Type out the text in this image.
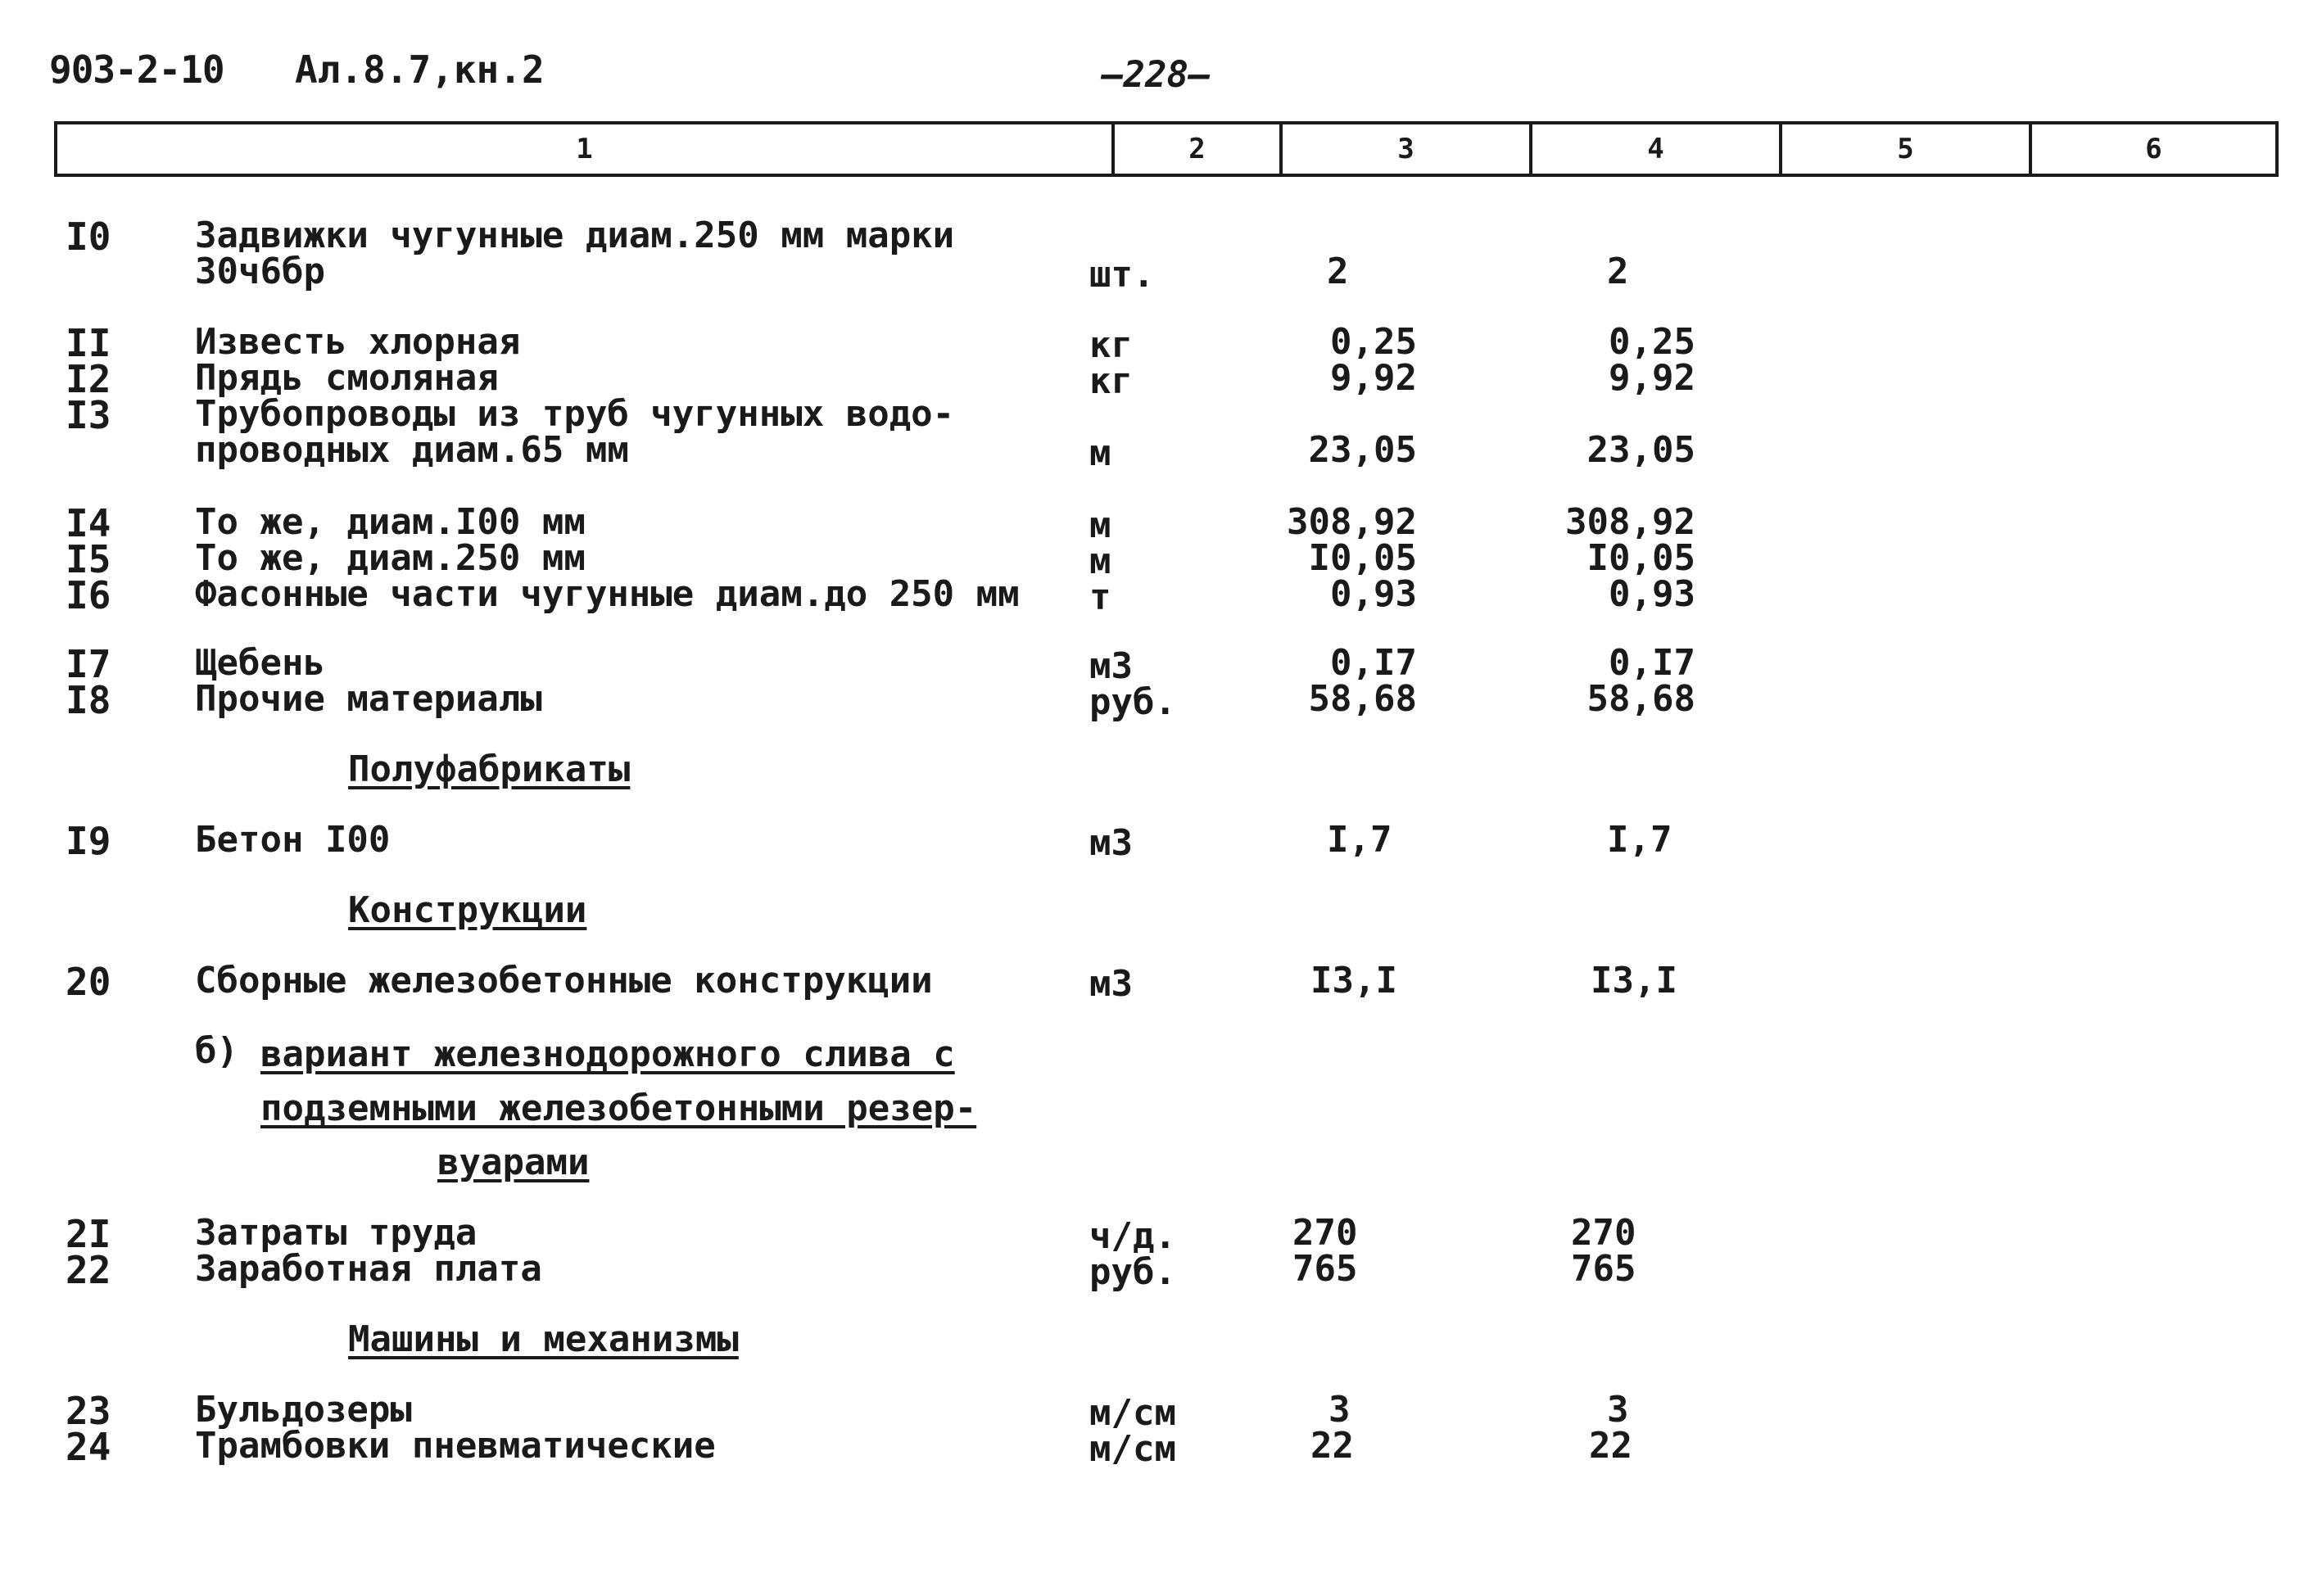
903-2-10 Ал.8.7,кн.2	—228—
1	2	3	4	5	6
I0 Задвижки чугунные диам.250 мм марки
30ч6бр	шт.	2	2
II Известь хлорная	кг	0,25	0,25
I2 Прядь смоляная	кг	9,92	9,92
I3 Трубопроводы из труб чугунных водо-
проводных диам.65 мм	м	23,05	23,05
I4 То же, диам.I00 мм	м	308,92	308,92
I5 То же, диам.250 мм	м	I0,05	I0,05
I6 Фасонные части чугунные диам.до 250 мм т	0,93	0,93
I7 Щебень	м3	0,I7	0,I7
I8 Прочие материалы	руб.	58,68	58,68
Полуфабрикаты
I9 Бетон I00	м3	I,7	I,7
Конструкции
20 Сборные железобетонные конструкции	м3	I3,I	I3,I
б) вариант железнодорожного слива с
подземными железобетонными резер-
вуарами
2I Затраты труда	ч/д.	270	270
22 Заработная плата	руб.	765	765
Машины и механизмы
23 Бульдозеры	м/см	3	3
24 Трамбовки пневматические	м/см	22	22
